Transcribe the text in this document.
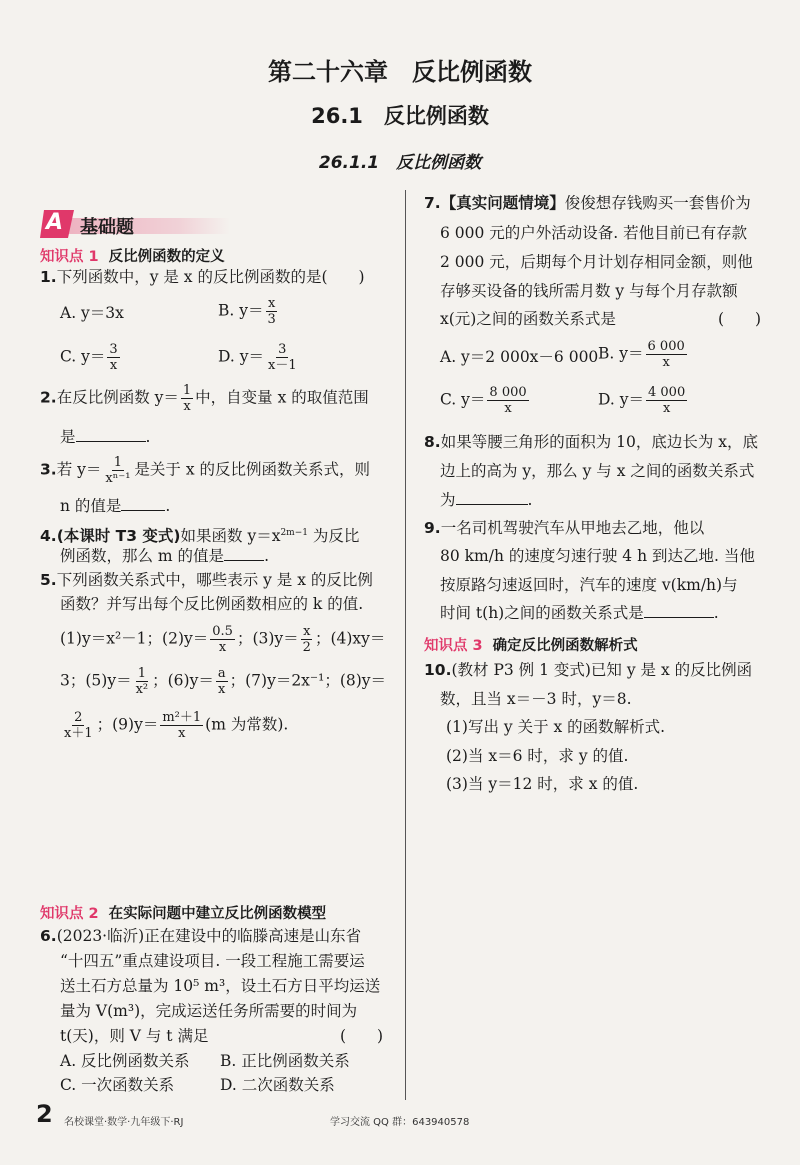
第二十六章　反比例函数
26.1　反比例函数
26.1.1　反比例函数
A 基础题
知识点 1 反比例函数的定义
1.下列函数中，y 是 x 的反比例函数的是(　　)
A. y＝3x	B. $y= \frac{x}{3}$
C. $y= \frac{3}{x}$	D. $y= \frac{3}{x-1}$
2.在反比例函数 $y= \frac{1}{x}$ 中，自变量 x 的取值范围
是	.
3.若 $y= \frac{1}{\text{xⁿ⁻¹}}$ 是关于 x 的反比例函数关系式，则
n 的值是	.
4.(本课时 T3 变式)如果函数 $y=x^{2m-1}$ 为反比
例函数，那么 m 的值是	.
5.下列函数关系式中，哪些表示 y 是 x 的反比例
函数？并写出每个反比例函数相应的 k 的值.
(1)y＝x²－1；$(2)y= \frac{0.5}{x}$ ；$(3)y= \frac{x}{2}$ ；(4)xy＝
3；$(5)y= \frac{1}{\text{x²}}$ ；$(6)y= \frac{a}{x}$ ；(7)y＝2x⁻¹；(8)y＝
$\frac{2}{x+1}$ ；$(9)y= \frac{\text{m²＋1}}{x} (m$ 为常数).
知识点 2 在实际问题中建立反比例函数模型
6.(2023·临沂)正在建设中的临滕高速是山东省
“十四五”重点建设项目. 一段工程施工需要运
送土石方总量为 10⁵ m³，设土石方日平均运送
量为 V(m³)，完成运送任务所需要的时间为
t(天)，则 V 与 t 满足	(　　)
A. 反比例函数关系 B. 正比例函数关系
C. 一次函数关系	D. 二次函数关系
7.【真实问题情境】俊俊想存钱购买一套售价为
6 000 元的户外活动设备. 若他目前已有存款
2 000 元，后期每个月计划存相同金额，则他
存够买设备的钱所需月数 y 与每个月存款额
x(元)之间的函数关系式是	(　　)
A. y＝2 000x－6 000 B. $y= \frac{6 000}{x}$
C. $y= \frac{8 000}{x}$	D. $y= \frac{4 000}{x}$
8.如果等腰三角形的面积为 10，底边长为 x，底
边上的高为 y，那么 y 与 x 之间的函数关系式
为	.
9.一名司机驾驶汽车从甲地去乙地，他以
80 km/h 的速度匀速行驶 4 h 到达乙地. 当他
按原路匀速返回时，汽车的速度 v(km/h)与
时间 t(h)之间的函数关系式是	.
知识点 3 确定反比例函数解析式
10.(教材 P3 例 1 变式)已知 y 是 x 的反比例函
数，且当 x＝－3 时，y＝8.
(1)写出 y 关于 x 的函数解析式.
(2)当 x＝6 时，求 y 的值.
(3)当 y＝12 时，求 x 的值.
2 名校课堂·数学·九年级下·RJ	学习交流 QQ 群：643940578
